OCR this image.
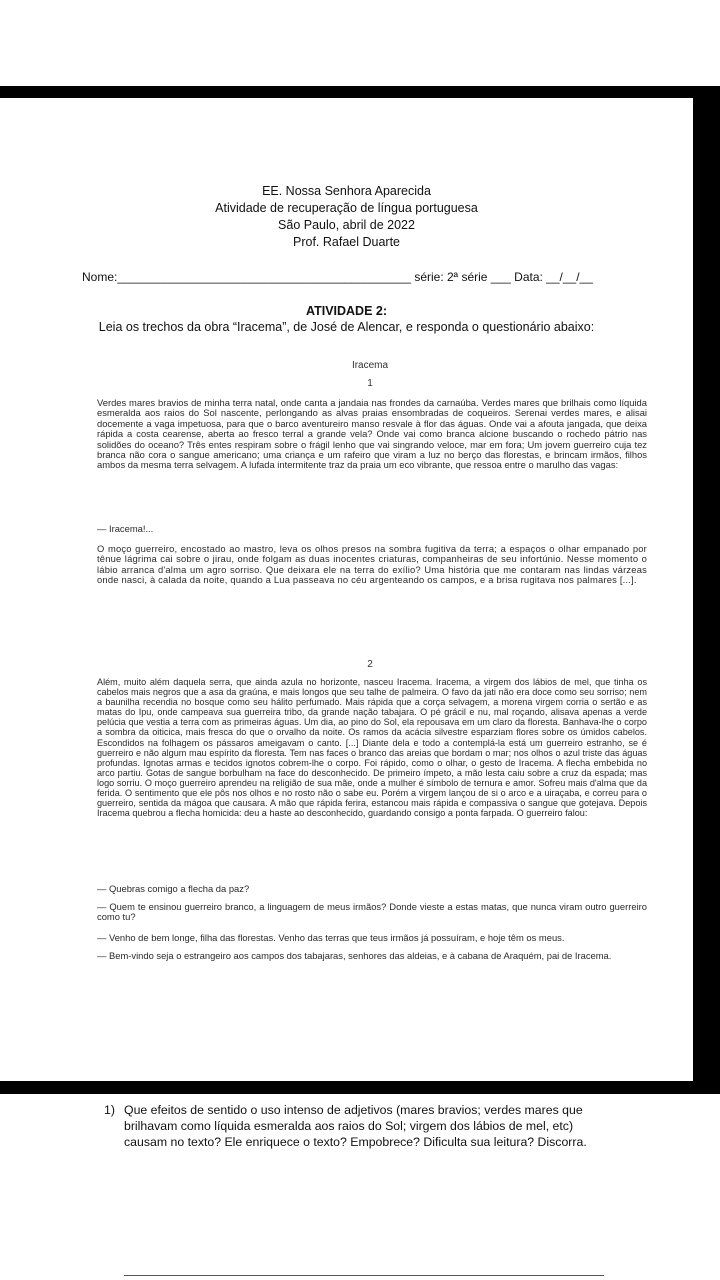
EE. Nossa Senhora Aparecida
Atividade de recuperação de língua portuguesa
São Paulo, abril de 2022
Prof. Rafael Duarte
Nome:____________________________________________ série: 2ª série ___ Data: __/__/__
ATIVIDADE 2:
Leia os trechos da obra “Iracema”, de José de Alencar, e responda o questionário abaixo:
Iracema
1

Verdes mares bravios de minha terra natal, onde canta a jandaia nas frondes da carnaúba. Verdes mares que brilhais como líquida esmeralda aos raios do Sol nascente, perlongando as alvas praias ensombradas de coqueiros. Serenai verdes mares, e alisai docemente a vaga impetuosa, para que o barco aventureiro manso resvale à flor das águas. Onde vai a afouta jangada, que deixa rápida a costa cearense, aberta ao fresco terral a grande vela? Onde vai como branca alcione buscando o rochedo pátrio nas solidões do oceano? Três entes respiram sobre o frágil lenho que vai singrando veloce, mar em fora; Um jovem guerreiro cuja tez branca não cora o sangue americano; uma criança e um rafeiro que viram a luz no berço das florestas, e brincam irmãos, filhos ambos da mesma terra selvagem. A lufada intermitente traz da praia um eco vibrante, que ressoa entre o marulho das vagas:

— Iracema!...

O moço guerreiro, encostado ao mastro, leva os olhos presos na sombra fugitiva da terra; a espaços o olhar empanado por tênue lágrima cai sobre o jirau, onde folgam as duas inocentes criaturas, companheiras de seu infortúnio. Nesse momento o lábio arranca d'alma um agro sorriso. Que deixara ele na terra do exílio? Uma história que me contaram nas lindas várzeas onde nasci, à calada da noite, quando a Lua passeava no céu argenteando os campos, e a brisa rugitava nos palmares [...].

2

Além, muito além daquela serra, que ainda azula no horizonte, nasceu Iracema. Iracema, a virgem dos lábios de mel, que tinha os cabelos mais negros que a asa da graúna, e mais longos que seu talhe de palmeira. O favo da jati não era doce como seu sorriso; nem a baunilha recendia no bosque como seu hálito perfumado. Mais rápida que a corça selvagem, a morena virgem corria o sertão e as matas do Ipu, onde campeava sua guerreira tribo, da grande nação tabajara. O pé grácil e nu, mal roçando, alisava apenas a verde pelúcia que vestia a terra com as primeiras águas. Um dia, ao pino do Sol, ela repousava em um claro da floresta. Banhava-lhe o corpo a sombra da oiticica, mais fresca do que o orvalho da noite. Os ramos da acácia silvestre esparziam flores sobre os úmidos cabelos. Escondidos na folhagem os pássaros ameigavam o canto. [...] Diante dela e todo a contemplá-la está um guerreiro estranho, se é guerreiro e não algum mau espírito da floresta. Tem nas faces o branco das areias que bordam o mar; nos olhos o azul triste das águas profundas. Ignotas armas e tecidos ignotos cobrem-lhe o corpo. Foi rápido, como o olhar, o gesto de Iracema. A flecha embebida no arco partiu. Gotas de sangue borbulham na face do desconhecido. De primeiro ímpeto, a mão lesta caiu sobre a cruz da espada; mas logo sorriu. O moço guerreiro aprendeu na religião de sua mãe, onde a mulher é símbolo de ternura e amor. Sofreu mais d'alma que da ferida. O sentimento que ele pôs nos olhos e no rosto não o sabe eu. Porém a virgem lançou de si o arco e a uiraçaba, e correu para o guerreiro, sentida da mágoa que causara. A mão que rápida ferira, estancou mais rápida e compassiva o sangue que gotejava. Depois Iracema quebrou a flecha homicida: deu a haste ao desconhecido, guardando consigo a ponta farpada. O guerreiro falou:

— Quebras comigo a flecha da paz?

— Quem te ensinou guerreiro branco, a linguagem de meus irmãos? Donde vieste a estas matas, que nunca viram outro guerreiro como tu?

— Venho de bem longe, filha das florestas. Venho das terras que teus irmãos já possuíram, e hoje têm os meus.

— Bem-vindo seja o estrangeiro aos campos dos tabajaras, senhores das aldeias, e à cabana de Araquém, pai de Iracema.

1) Que efeitos de sentido o uso intenso de adjetivos (mares bravios; verdes mares que brilhavam como líquida esmeralda aos raios do Sol; virgem dos lábios de mel, etc) causam no texto? Ele enriquece o texto? Empobrece? Dificulta sua leitura? Discorra.
